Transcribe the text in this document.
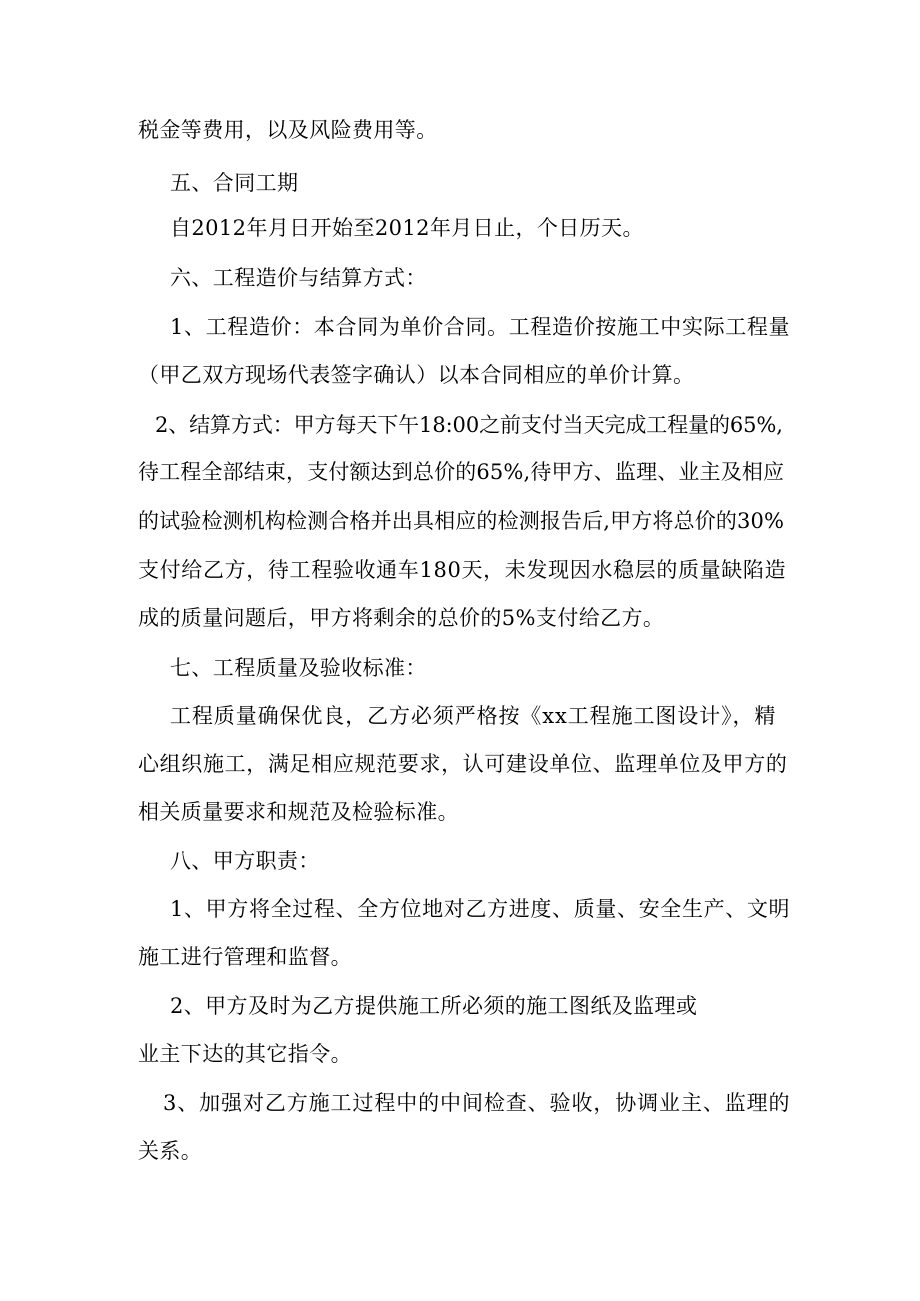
税金等费用，以及风险费用等。

五、合同工期

自2012年月日开始至2012年月日止，个日历天。

六、工程造价与结算方式：

1、工程造价：本合同为单价合同。工程造价按施工中实际工程量

（甲乙双方现场代表签字确认）以本合同相应的单价计算。

2、结算方式：甲方每天下午18:00之前支付当天完成工程量的65%,

待工程全部结束，支付额达到总价的65%,待甲方、监理、业主及相应

的试验检测机构检测合格并出具相应的检测报告后,甲方将总价的30%

支付给乙方，待工程验收通车180天，未发现因水稳层的质量缺陷造

成的质量问题后，甲方将剩余的总价的5%支付给乙方。

七、工程质量及验收标准：

工程质量确保优良，乙方必须严格按《xx工程施工图设计》，精

心组织施工，满足相应规范要求，认可建设单位、监理单位及甲方的

相关质量要求和规范及检验标准。

八、甲方职责：

1、甲方将全过程、全方位地对乙方进度、质量、安全生产、文明

施工进行管理和监督。

2、甲方及时为乙方提供施工所必须的施工图纸及监理或

业主下达的其它指令。

3、加强对乙方施工过程中的中间检查、验收，协调业主、监理的

关系。
